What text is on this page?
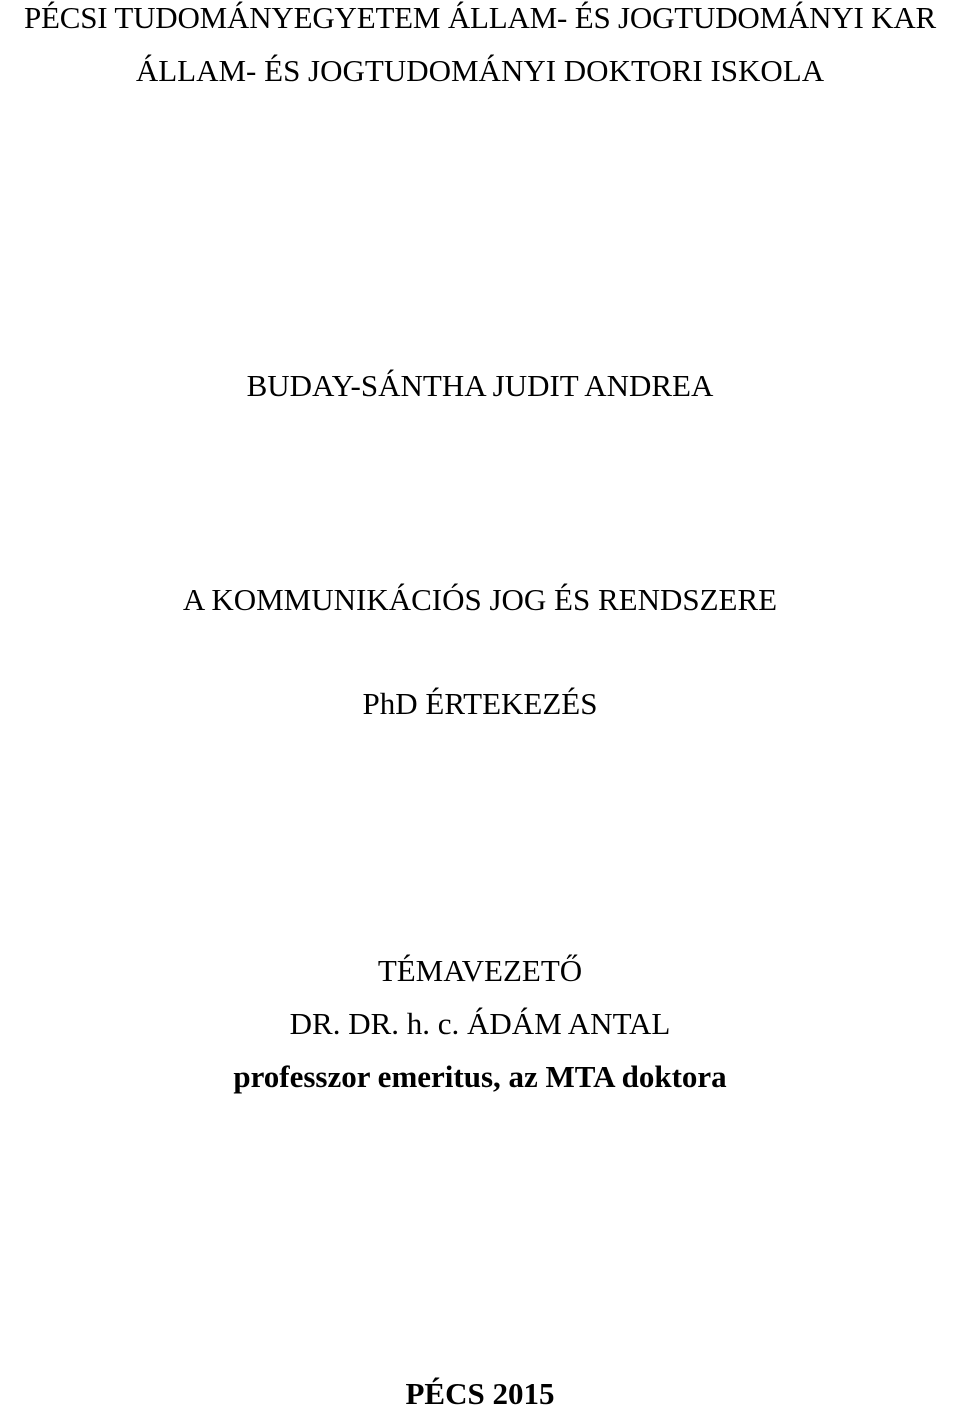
PÉCSI TUDOMÁNYEGYETEM ÁLLAM- ÉS JOGTUDOMÁNYI KAR
ÁLLAM- ÉS JOGTUDOMÁNYI DOKTORI ISKOLA
BUDAY-SÁNTHA JUDIT ANDREA
A KOMMUNIKÁCIÓS JOG ÉS RENDSZERE
PhD ÉRTEKEZÉS
TÉMAVEZETŐ
DR. DR. h. c. ÁDÁM ANTAL
professzor emeritus, az MTA doktora
PÉCS 2015
